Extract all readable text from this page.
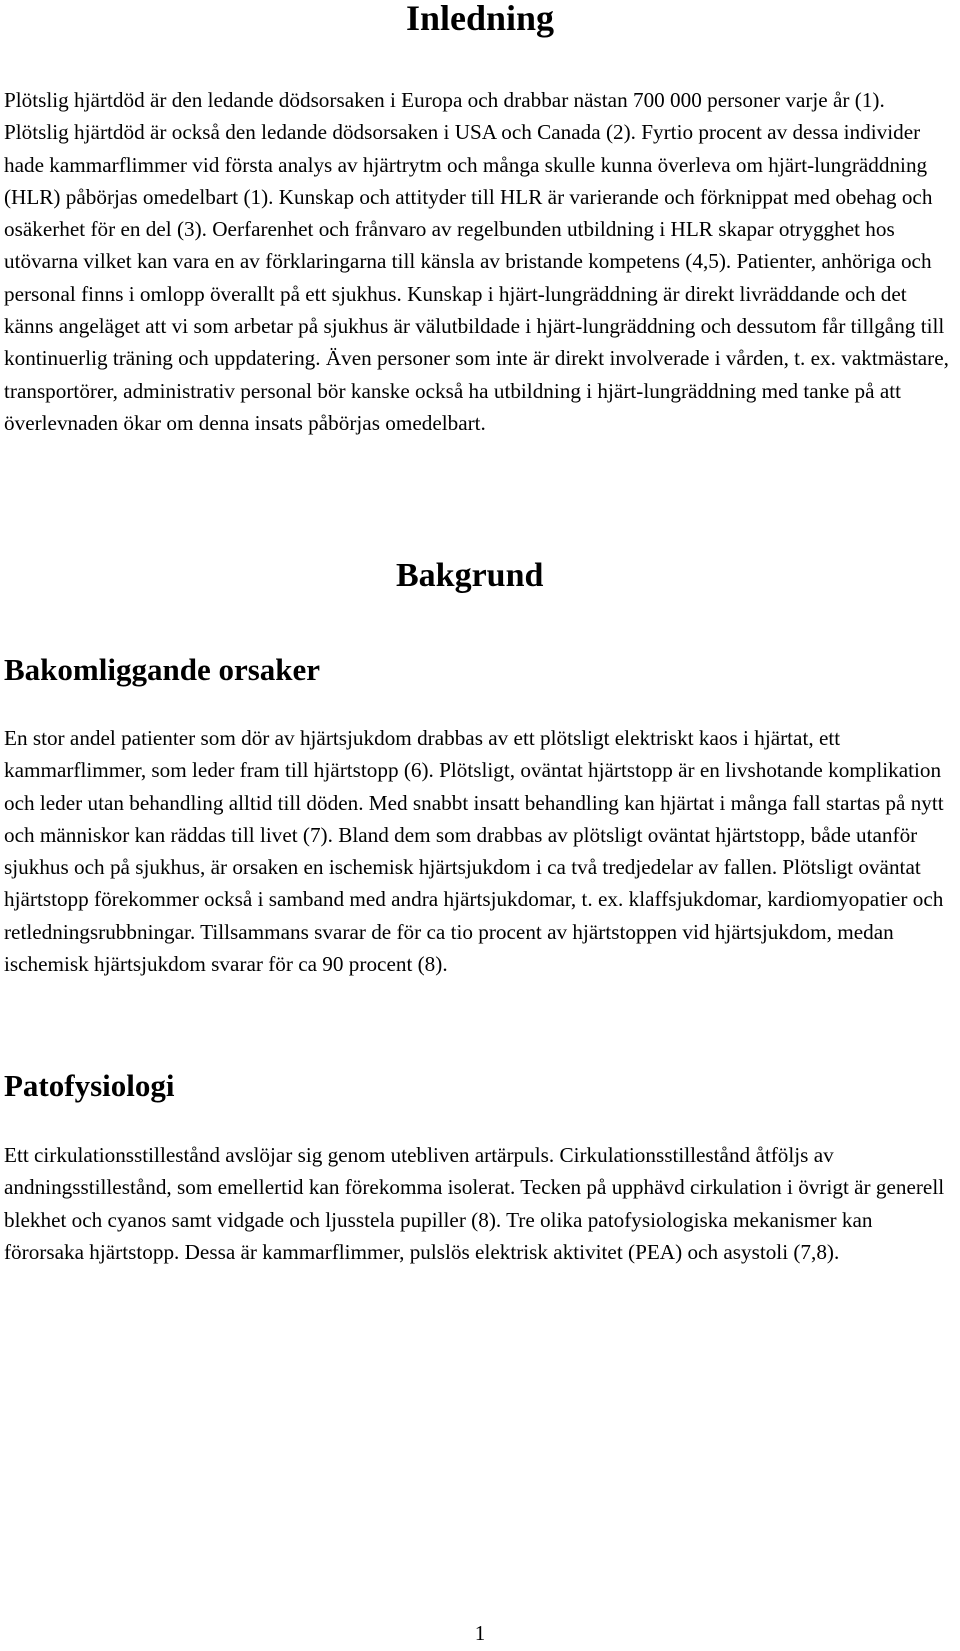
Inledning

Plötslig hjärtdöd är den ledande dödsorsaken i Europa och drabbar nästan 700 000 personer varje år (1). Plötslig hjärtdöd är också den ledande dödsorsaken i USA och Canada (2). Fyrtio procent av dessa individer hade kammarflimmer vid första analys av hjärtrytm och många skulle kunna överleva om hjärt-lungräddning (HLR) påbörjas omedelbart (1). Kunskap och attityder till HLR är varierande och förknippat med obehag och osäkerhet för en del (3). Oerfarenhet och frånvaro av regelbunden utbildning i HLR skapar otrygghet hos utövarna vilket kan vara en av förklaringarna till känsla av bristande kompetens (4,5). Patienter, anhöriga och personal finns i omlopp överallt på ett sjukhus. Kunskap i hjärt-lungräddning är direkt livräddande och det känns angeläget att vi som arbetar på sjukhus är välutbildade i hjärt-lungräddning och dessutom får tillgång till kontinuerlig träning och uppdatering. Även personer som inte är direkt involverade i vården, t. ex. vaktmästare, transportörer, administrativ personal bör kanske också ha utbildning i hjärt-lungräddning med tanke på att överlevnaden ökar om denna insats påbörjas omedelbart.

Bakgrund
Bakomliggande orsaker

En stor andel patienter som dör av hjärtsjukdom drabbas av ett plötsligt elektriskt kaos i hjärtat, ett kammarflimmer, som leder fram till hjärtstopp (6). Plötsligt, oväntat hjärtstopp är en livshotande komplikation och leder utan behandling alltid till döden. Med snabbt insatt behandling kan hjärtat i många fall startas på nytt och människor kan räddas till livet (7). Bland dem som drabbas av plötsligt oväntat hjärtstopp, både utanför sjukhus och på sjukhus, är orsaken en ischemisk hjärtsjukdom i ca två tredjedelar av fallen. Plötsligt oväntat hjärtstopp förekommer också i samband med andra hjärtsjukdomar, t. ex. klaffsjukdomar, kardiomyopatier och retledningsrubbningar. Tillsammans svarar de för ca tio procent av hjärtstoppen vid hjärtsjukdom, medan ischemisk hjärtsjukdom svarar för ca 90 procent (8).

Patofysiologi

Ett cirkulationsstillestånd avslöjar sig genom utebliven artärpuls. Cirkulationsstillestånd åtföljs av andningsstillestånd, som emellertid kan förekomma isolerat. Tecken på upphävd cirkulation i övrigt är generell blekhet och cyanos samt vidgade och ljusstela pupiller (8). Tre olika patofysiologiska mekanismer kan förorsaka hjärtstopp. Dessa är kammarflimmer, pulslös elektrisk aktivitet (PEA) och asystoli (7,8).

1
